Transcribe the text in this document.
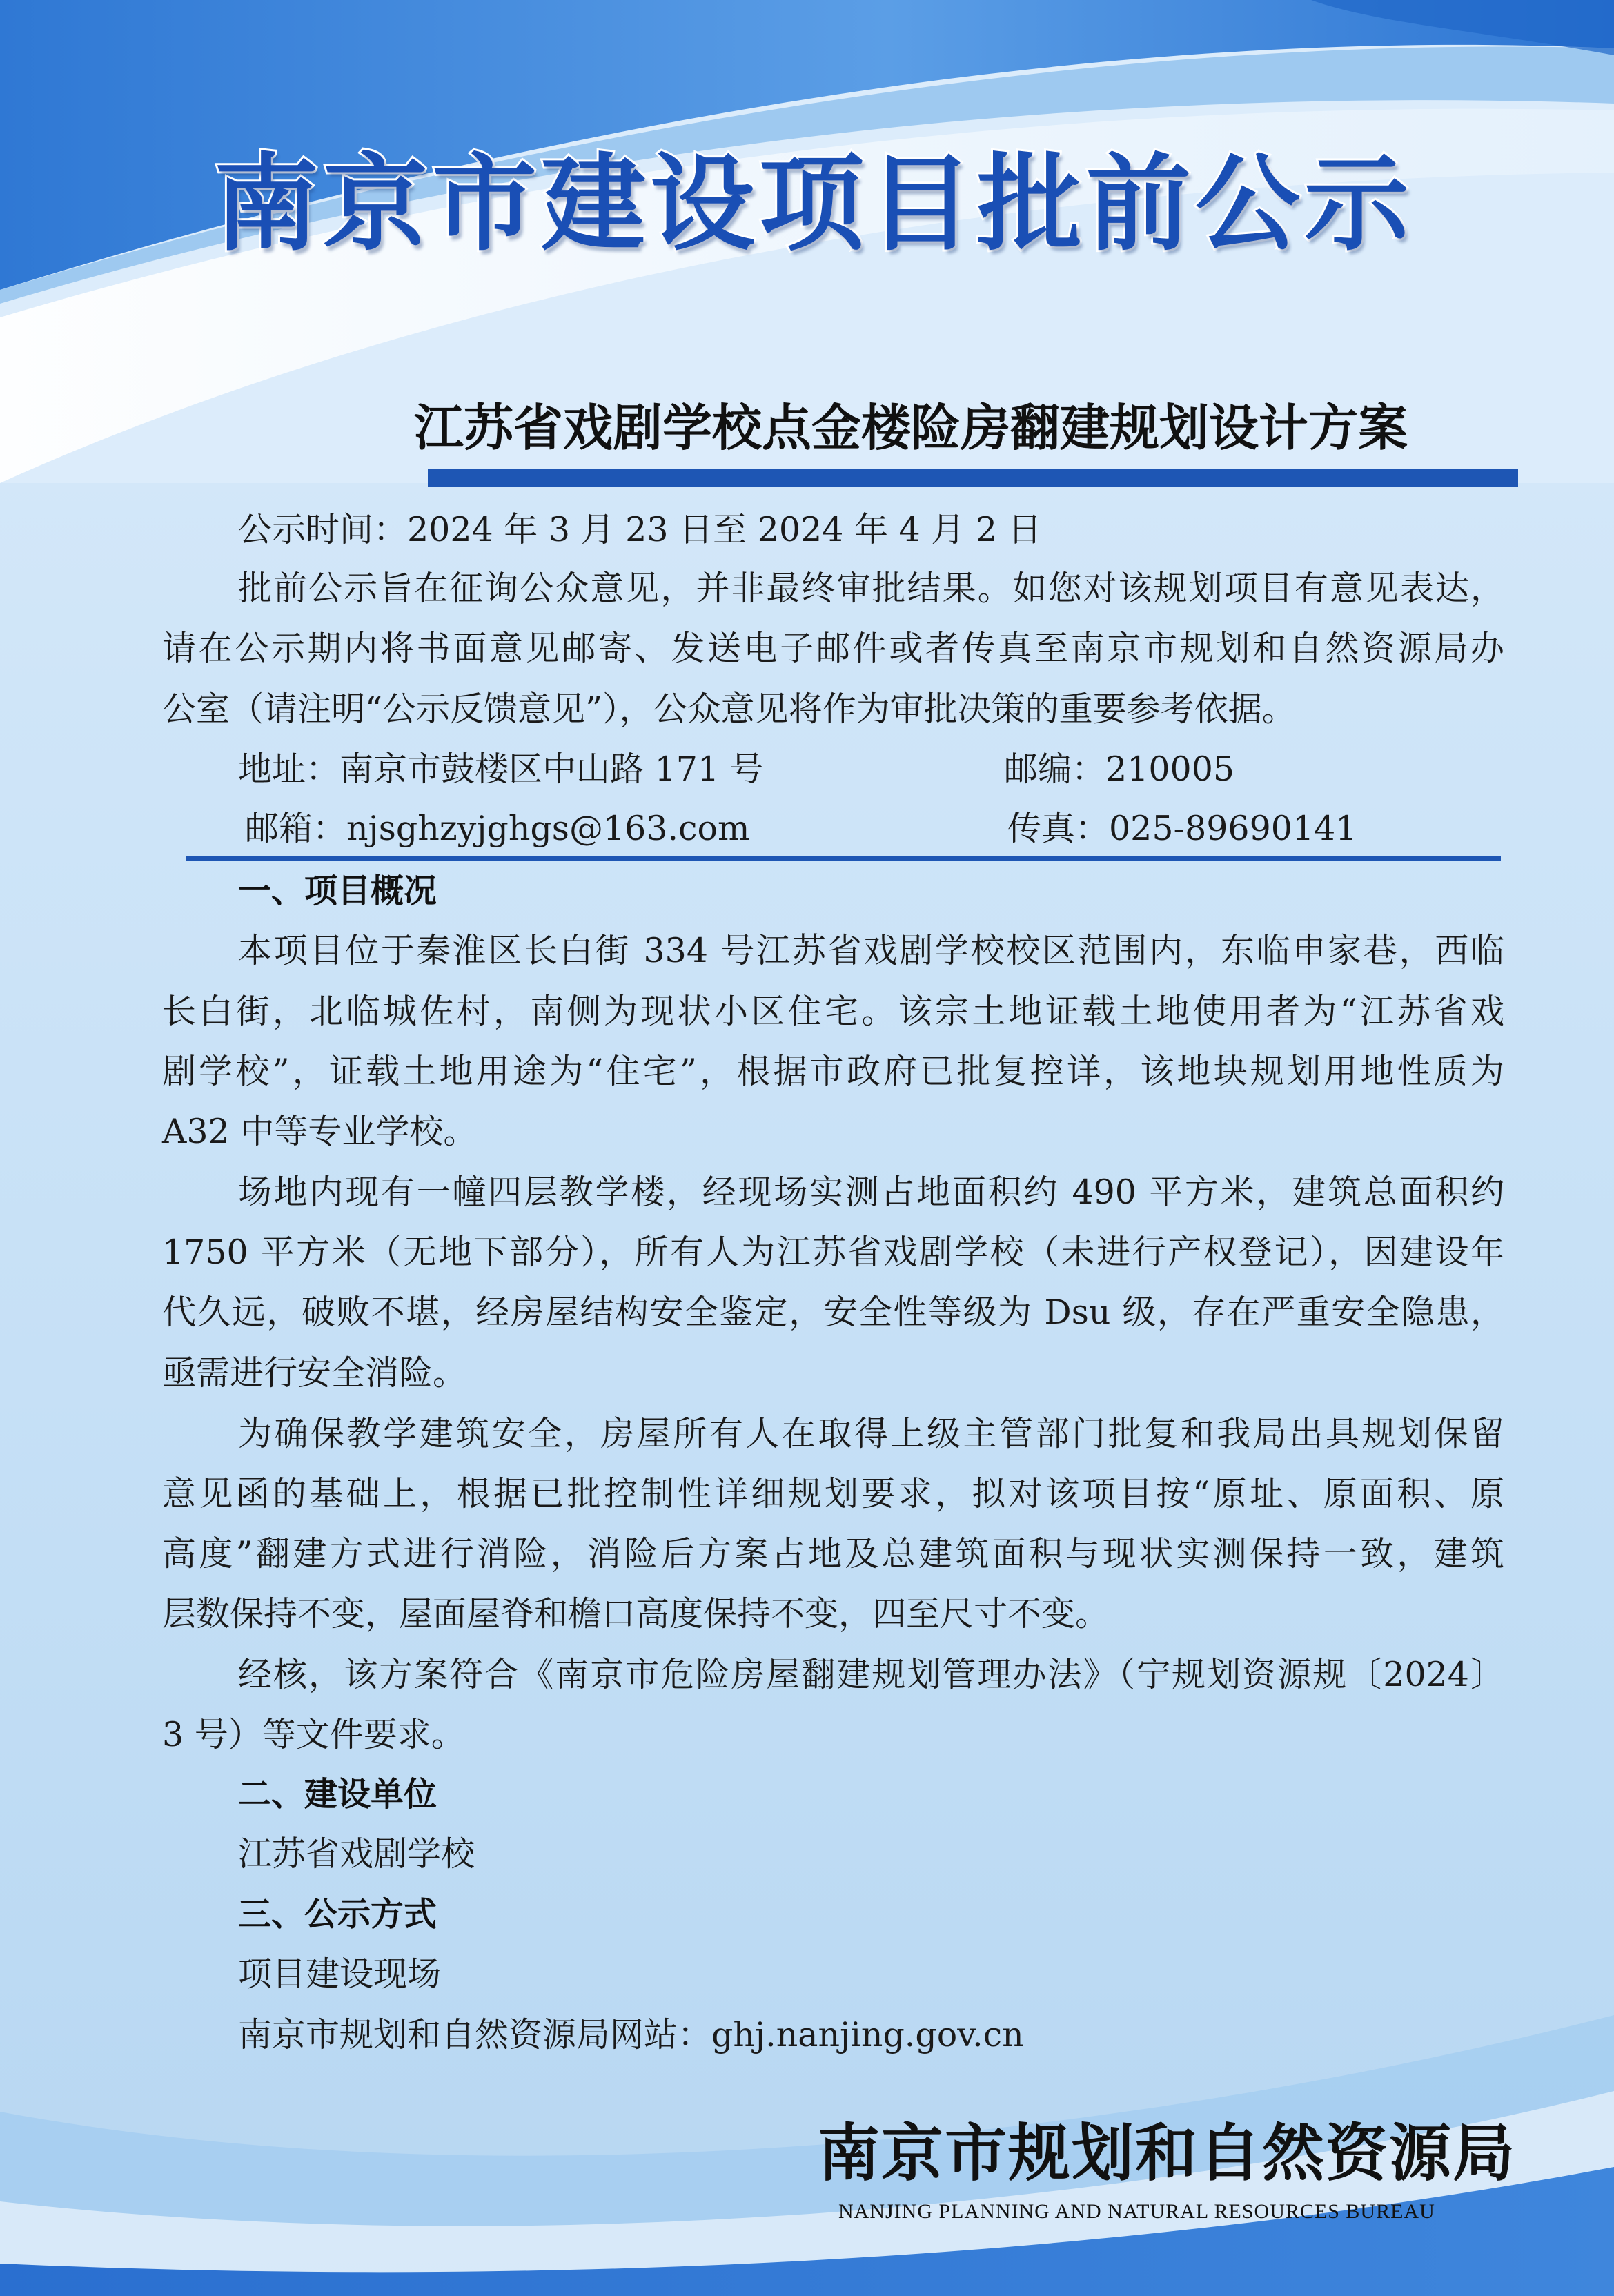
南京市建设项目批前公示
江苏省戏剧学校点金楼险房翻建规划设计方案

公示时间：2024 年 3 月 23 日至 2024 年 4 月 2 日

批前公示旨在征询公众意见，并非最终审批结果。如您对该规划项目有意见表达，

请在公示期内将书面意见邮寄、发送电子邮件或者传真至南京市规划和自然资源局办

公室（请注明“公示反馈意见”），公众意见将作为审批决策的重要参考依据。

地址：南京市鼓楼区中山路 171 号	邮编：210005

邮箱：njsghzyjghgs@163.com	传真：025-89690141

一、项目概况

本项目位于秦淮区长白街 334 号江苏省戏剧学校校区范围内，东临申家巷，西临

长白街，北临城佐村，南侧为现状小区住宅。该宗土地证载土地使用者为“江苏省戏

剧学校”，证载土地用途为“住宅”，根据市政府已批复控详，该地块规划用地性质为

A32 中等专业学校。

场地内现有一幢四层教学楼，经现场实测占地面积约 490 平方米，建筑总面积约

1750 平方米（无地下部分），所有人为江苏省戏剧学校（未进行产权登记），因建设年

代久远，破败不堪，经房屋结构安全鉴定，安全性等级为 Dsu 级，存在严重安全隐患，

亟需进行安全消险。

为确保教学建筑安全，房屋所有人在取得上级主管部门批复和我局出具规划保留

意见函的基础上，根据已批控制性详细规划要求，拟对该项目按“原址、原面积、原

高度”翻建方式进行消险，消险后方案占地及总建筑面积与现状实测保持一致，建筑

层数保持不变，屋面屋脊和檐口高度保持不变，四至尺寸不变。

经核，该方案符合《南京市危险房屋翻建规划管理办法》（宁规划资源规〔2024〕

3 号）等文件要求。

二、建设单位

江苏省戏剧学校

三、公示方式

项目建设现场

南京市规划和自然资源局网站：ghj.nanjing.gov.cn

南京市规划和自然资源局

NANJING PLANNING AND NATURAL RESOURCES BUREAU
